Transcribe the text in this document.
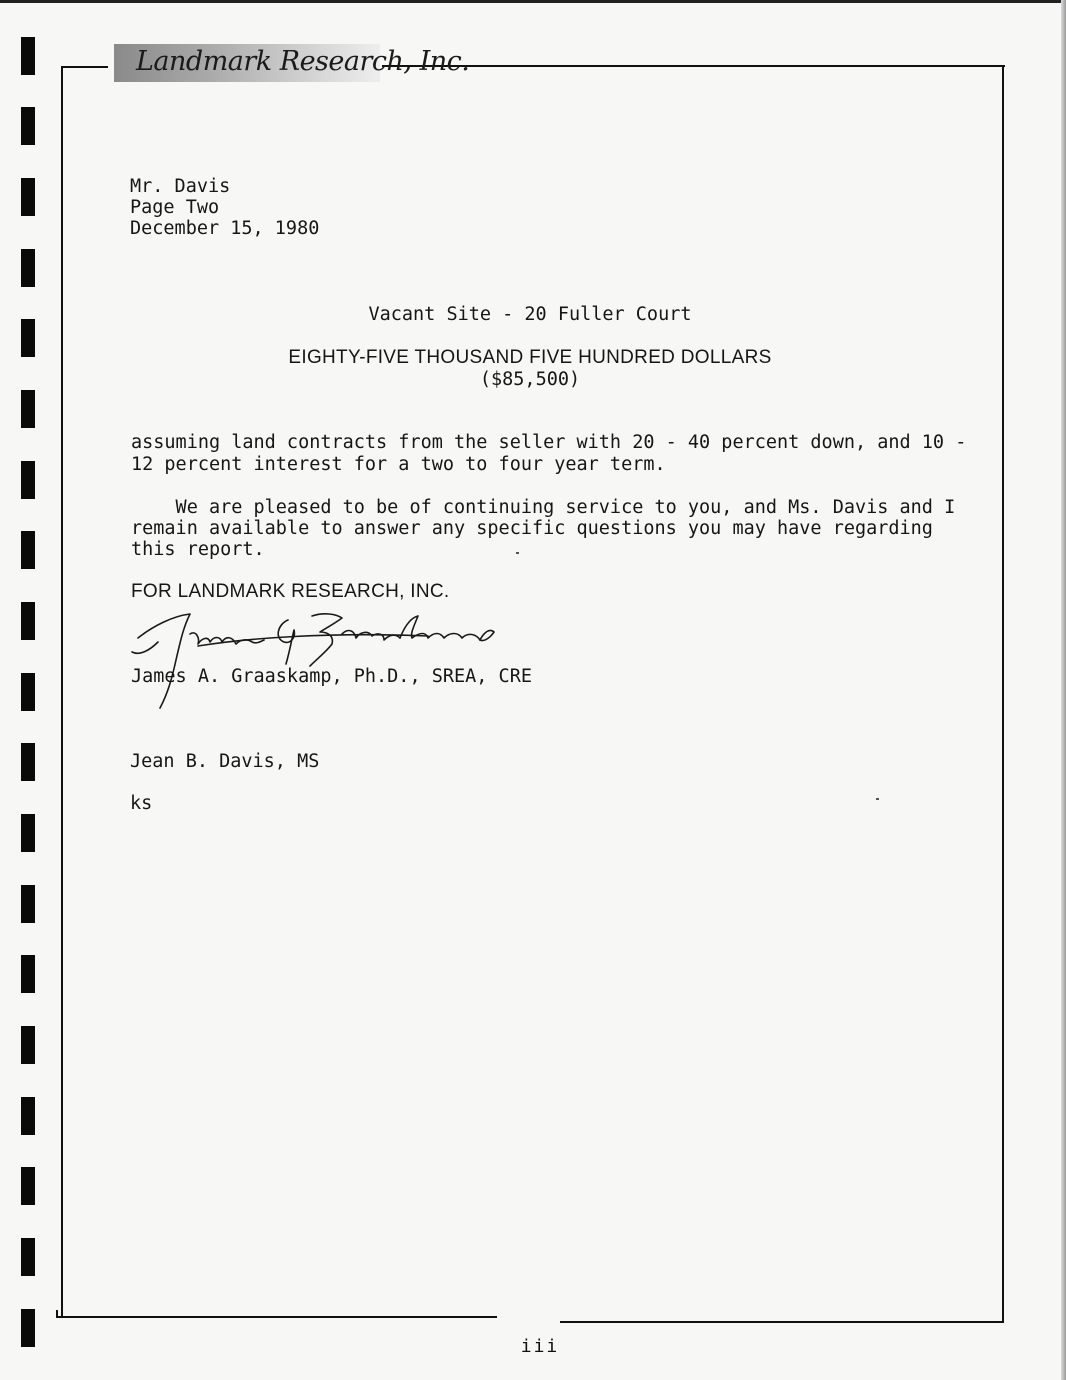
Landmark Research, Inc.
Mr. Davis
Page Two
December 15, 1980
Vacant Site - 20 Fuller Court
EIGHTY-FIVE THOUSAND FIVE HUNDRED DOLLARS
($85,500)
assuming land contracts from the seller with 20 - 40 percent down, and 10 -
12 percent interest for a two to four year term.
We are pleased to be of continuing service to you, and Ms. Davis and I
remain available to answer any specific questions you may have regarding
this report.
FOR LANDMARK RESEARCH, INC.
James A. Graaskamp, Ph.D., SREA, CRE
Jean B. Davis, MS
ks
iii
